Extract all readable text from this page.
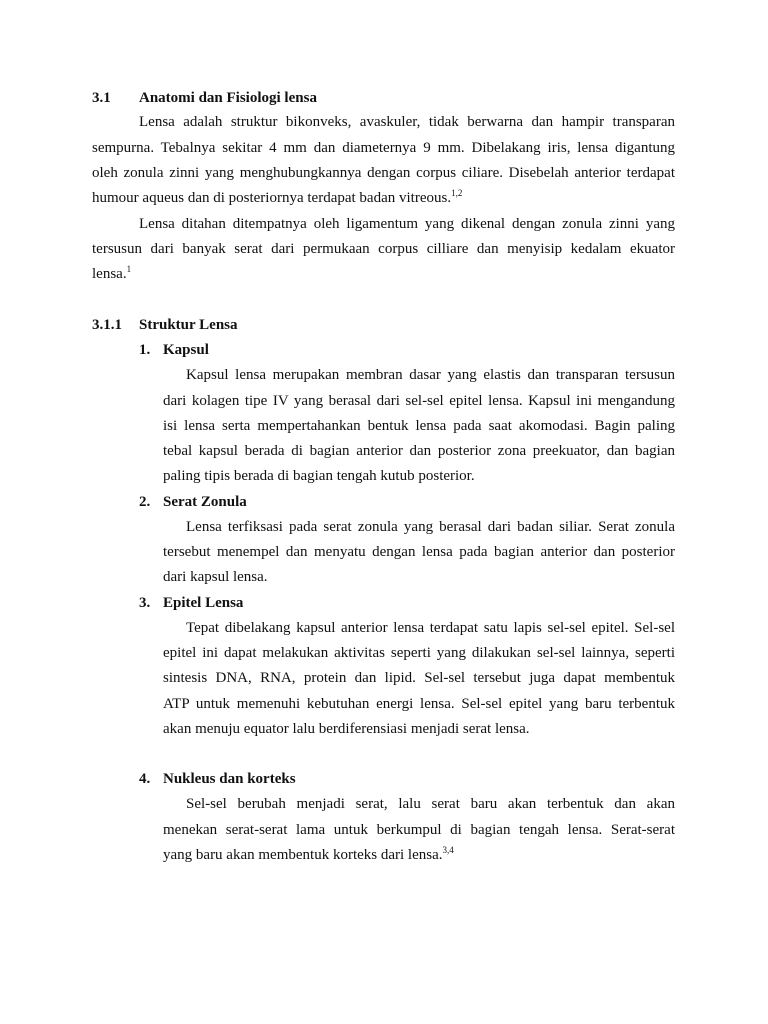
3.1 Anatomi dan Fisiologi lensa
Lensa adalah struktur bikonveks, avaskuler, tidak berwarna dan hampir transparan
sempurna. Tebalnya sekitar 4 mm dan diameternya 9 mm. Dibelakang iris, lensa digantung
oleh zonula zinni yang menghubungkannya dengan corpus ciliare. Disebelah anterior terdapat
humour aqueus dan di posteriornya terdapat badan vitreous.$^{1,2}$
Lensa ditahan ditempatnya oleh ligamentum yang dikenal dengan zonula zinni yang
tersusun dari banyak serat dari permukaan corpus cilliare dan menyisip kedalam ekuator
lensa.$^1$
3.1.1 Struktur Lensa
1. Kapsul
Kapsul lensa merupakan membran dasar yang elastis dan transparan tersusun
dari kolagen tipe IV yang berasal dari sel-sel epitel lensa. Kapsul ini mengandung
isi lensa serta mempertahankan bentuk lensa pada saat akomodasi. Bagin paling
tebal kapsul berada di bagian anterior dan posterior zona preekuator, dan bagian
paling tipis berada di bagian tengah kutub posterior.
2. Serat Zonula
Lensa terfiksasi pada serat zonula yang berasal dari badan siliar. Serat zonula
tersebut menempel dan menyatu dengan lensa pada bagian anterior dan posterior
dari kapsul lensa.
3. Epitel Lensa
Tepat dibelakang kapsul anterior lensa terdapat satu lapis sel-sel epitel. Sel-sel
epitel ini dapat melakukan aktivitas seperti yang dilakukan sel-sel lainnya, seperti
sintesis DNA, RNA, protein dan lipid. Sel-sel tersebut juga dapat membentuk
ATP untuk memenuhi kebutuhan energi lensa. Sel-sel epitel yang baru terbentuk
akan menuju equator lalu berdiferensiasi menjadi serat lensa.
4. Nukleus dan korteks
Sel-sel berubah menjadi serat, lalu serat baru akan terbentuk dan akan
menekan serat-serat lama untuk berkumpul di bagian tengah lensa. Serat-serat
yang baru akan membentuk korteks dari lensa.$^{3,4}$
